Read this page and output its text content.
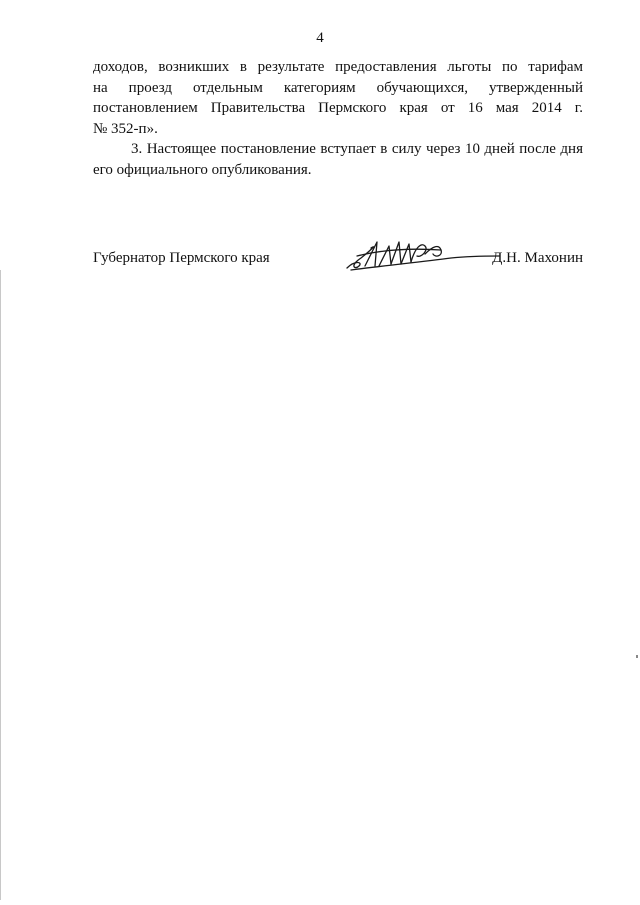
4

доходов, возникших в результате предоставления льготы по тарифам
на проезд отдельным категориям обучающихся, утвержденный
постановлением Правительства Пермского края от 16 мая 2014 г.
№ 352-п».

3. Настоящее постановление вступает в силу через 10 дней после дня его официального опубликования.

Губернатор Пермского края	Д.Н. Махонин
